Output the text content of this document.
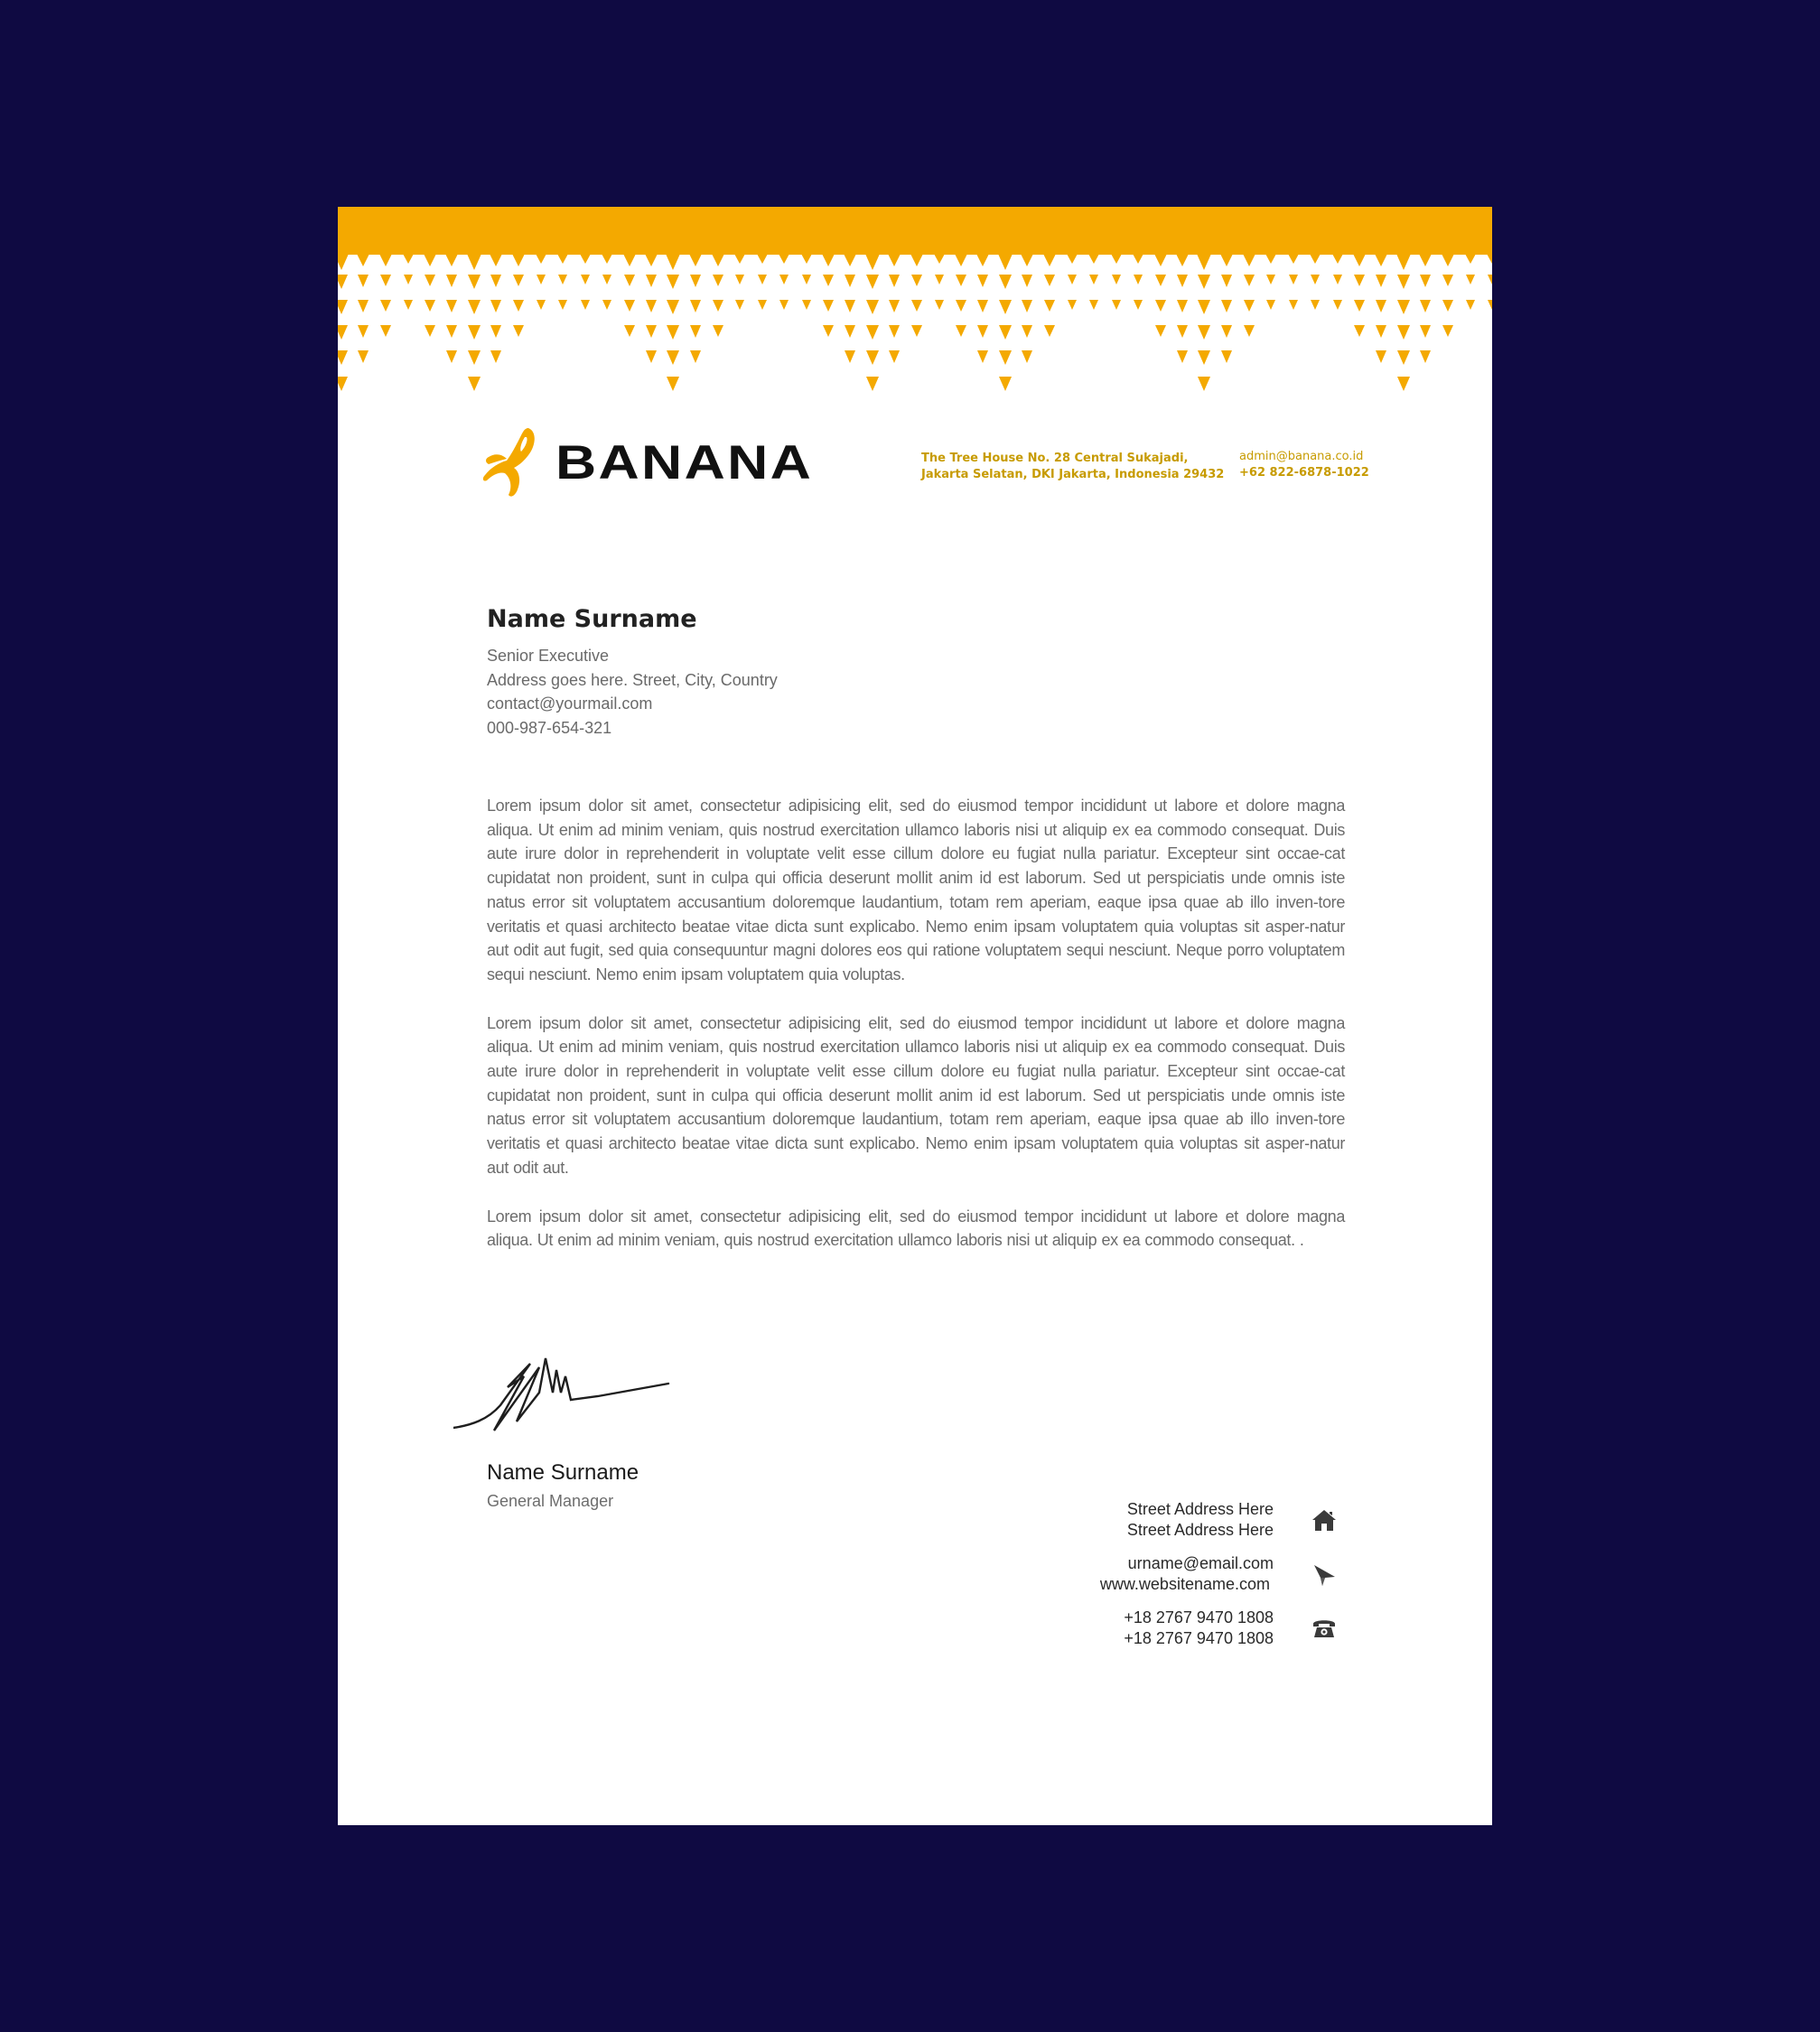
BANANA	The Tree House No. 28 Central Sukajadi,
Jakarta Selatan, DKI Jakarta, Indonesia 29432
admin@banana.co.id
+62 822-6878-1022
Name Surname
Senior Executive
Address goes here. Street, City, Country
contact@yourmail.com
000-987-654-321

Lorem ipsum dolor sit amet, consectetur adipisicing elit, sed do eiusmod tempor incididunt ut labore et dolore magna aliqua. Ut enim ad minim veniam, quis nostrud exercitation ullamco laboris nisi ut aliquip ex ea commodo consequat. Duis aute irure dolor in reprehenderit in voluptate velit esse cillum dolore eu fugiat nulla pariatur. Excepteur sint occae-cat cupidatat non proident, sunt in culpa qui officia deserunt mollit anim id est laborum. Sed ut perspiciatis unde omnis iste natus error sit voluptatem accusantium doloremque laudantium, totam rem aperiam, eaque ipsa quae ab illo inven-tore veritatis et quasi architecto beatae vitae dicta sunt explicabo. Nemo enim ipsam voluptatem quia voluptas sit asper-natur aut odit aut fugit, sed quia consequuntur magni dolores eos qui ratione voluptatem sequi nesciunt. Neque porro voluptatem sequi nesciunt. Nemo enim ipsam voluptatem quia voluptas.

Lorem ipsum dolor sit amet, consectetur adipisicing elit, sed do eiusmod tempor incididunt ut labore et dolore magna aliqua. Ut enim ad minim veniam, quis nostrud exercitation ullamco laboris nisi ut aliquip ex ea commodo consequat. Duis aute irure dolor in reprehenderit in voluptate velit esse cillum dolore eu fugiat nulla pariatur. Excepteur sint occae-cat cupidatat non proident, sunt in culpa qui officia deserunt mollit anim id est laborum. Sed ut perspiciatis unde omnis iste natus error sit voluptatem accusantium doloremque laudantium, totam rem aperiam, eaque ipsa quae ab illo inven-tore veritatis et quasi architecto beatae vitae dicta sunt explicabo. Nemo enim ipsam voluptatem quia voluptas sit asper-natur aut odit aut.

Lorem ipsum dolor sit amet, consectetur adipisicing elit, sed do eiusmod tempor incididunt ut labore et dolore magna aliqua. Ut enim ad minim veniam, quis nostrud exercitation ullamco laboris nisi ut aliquip ex ea commodo consequat. .

Name Surname
General Manager	Street Address Here
Street Address Here
urname@email.com
www.websitename.com
+18 2767 9470 1808
+18 2767 9470 1808
